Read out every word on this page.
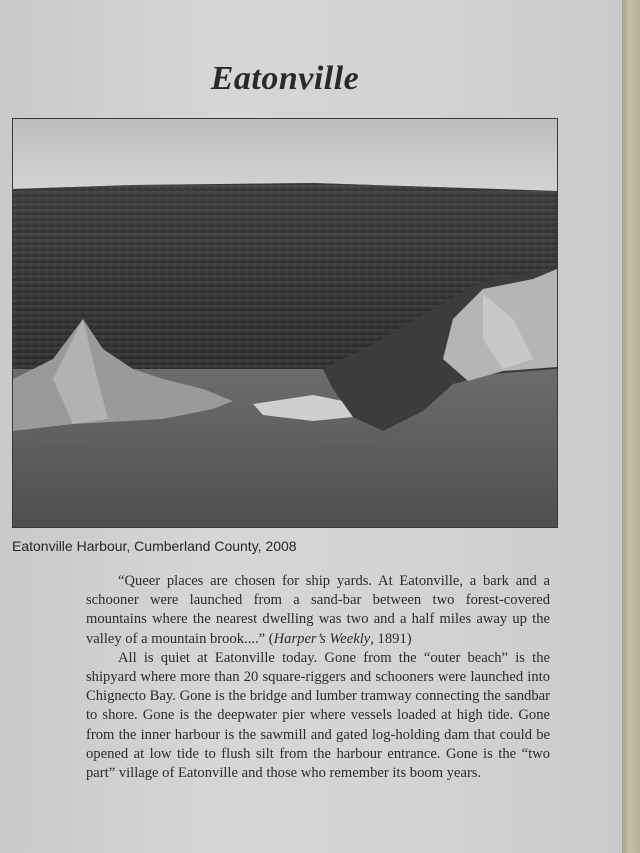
Eatonville
Eatonville Harbour, Cumberland County, 2008

“Queer places are chosen for ship yards. At Eatonville, a bark and a schooner were launched from a sand-bar between two forest-covered mountains where the nearest dwelling was two and a half miles away up the valley of a mountain brook....” (Harper’s Weekly, 1891)

All is quiet at Eatonville today. Gone from the “outer beach” is the shipyard where more than 20 square-riggers and schooners were launched into Chignecto Bay. Gone is the bridge and lumber tramway connecting the sandbar to shore. Gone is the deepwater pier where vessels loaded at high tide. Gone from the inner harbour is the sawmill and gated log-holding dam that could be opened at low tide to flush silt from the harbour entrance. Gone is the “two part” village of Eatonville and those who remember its boom years.
